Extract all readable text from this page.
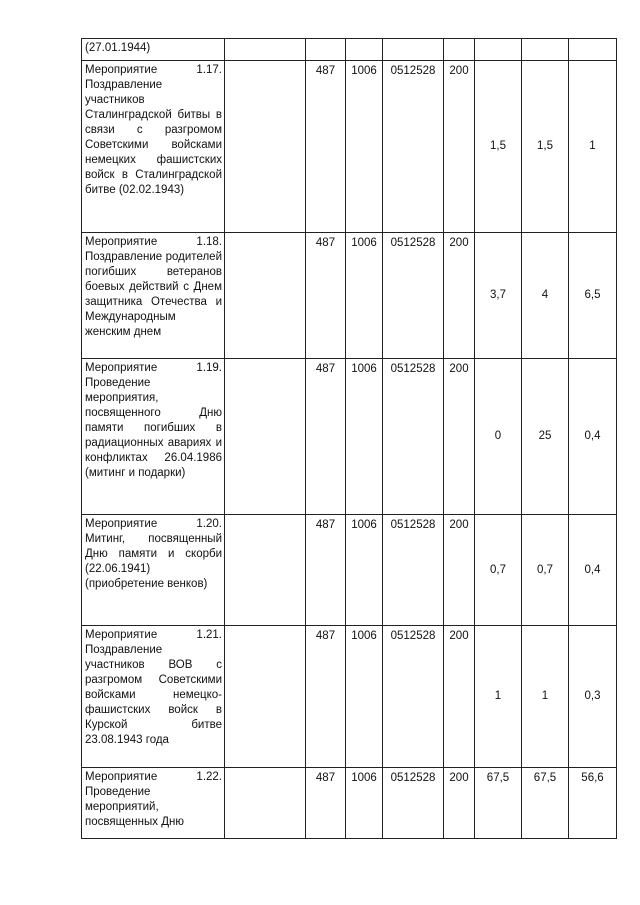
(27.01.1944)								

Мероприятие 1.17. Поздравление участников Сталинградской битвы в связи с разгромом Советскими войсками немецких фашистских войск в Сталинградской битве (02.02.1943)		487	1006	0512528	200	1,5	1,5	1

Мероприятие 1.18. Поздравление родителей погибших ветеранов боевых действий с Днем защитника Отечества и Международным женским днем		487	1006	0512528	200	3,7	4	6,5

Мероприятие 1.19. Проведение мероприятия, посвященного Дню памяти погибших в радиационных авариях и конфликтах 26.04.1986 (митинг и подарки)		487	1006	0512528	200	0	25	0,4

Мероприятие 1.20. Митинг, посвященный Дню памяти и скорби (22.06.1941) (приобретение венков)		487	1006	0512528	200	0,7	0,7	0,4

Мероприятие 1.21. Поздравление участников ВОВ с разгромом Советскими войсками немецко-фашистских войск в Курской битве 23.08.1943 года		487	1006	0512528	200	1	1	0,3

Мероприятие 1.22. Проведение мероприятий, посвященных Дню		487	1006	0512528	200	67,5	67,5	56,6
